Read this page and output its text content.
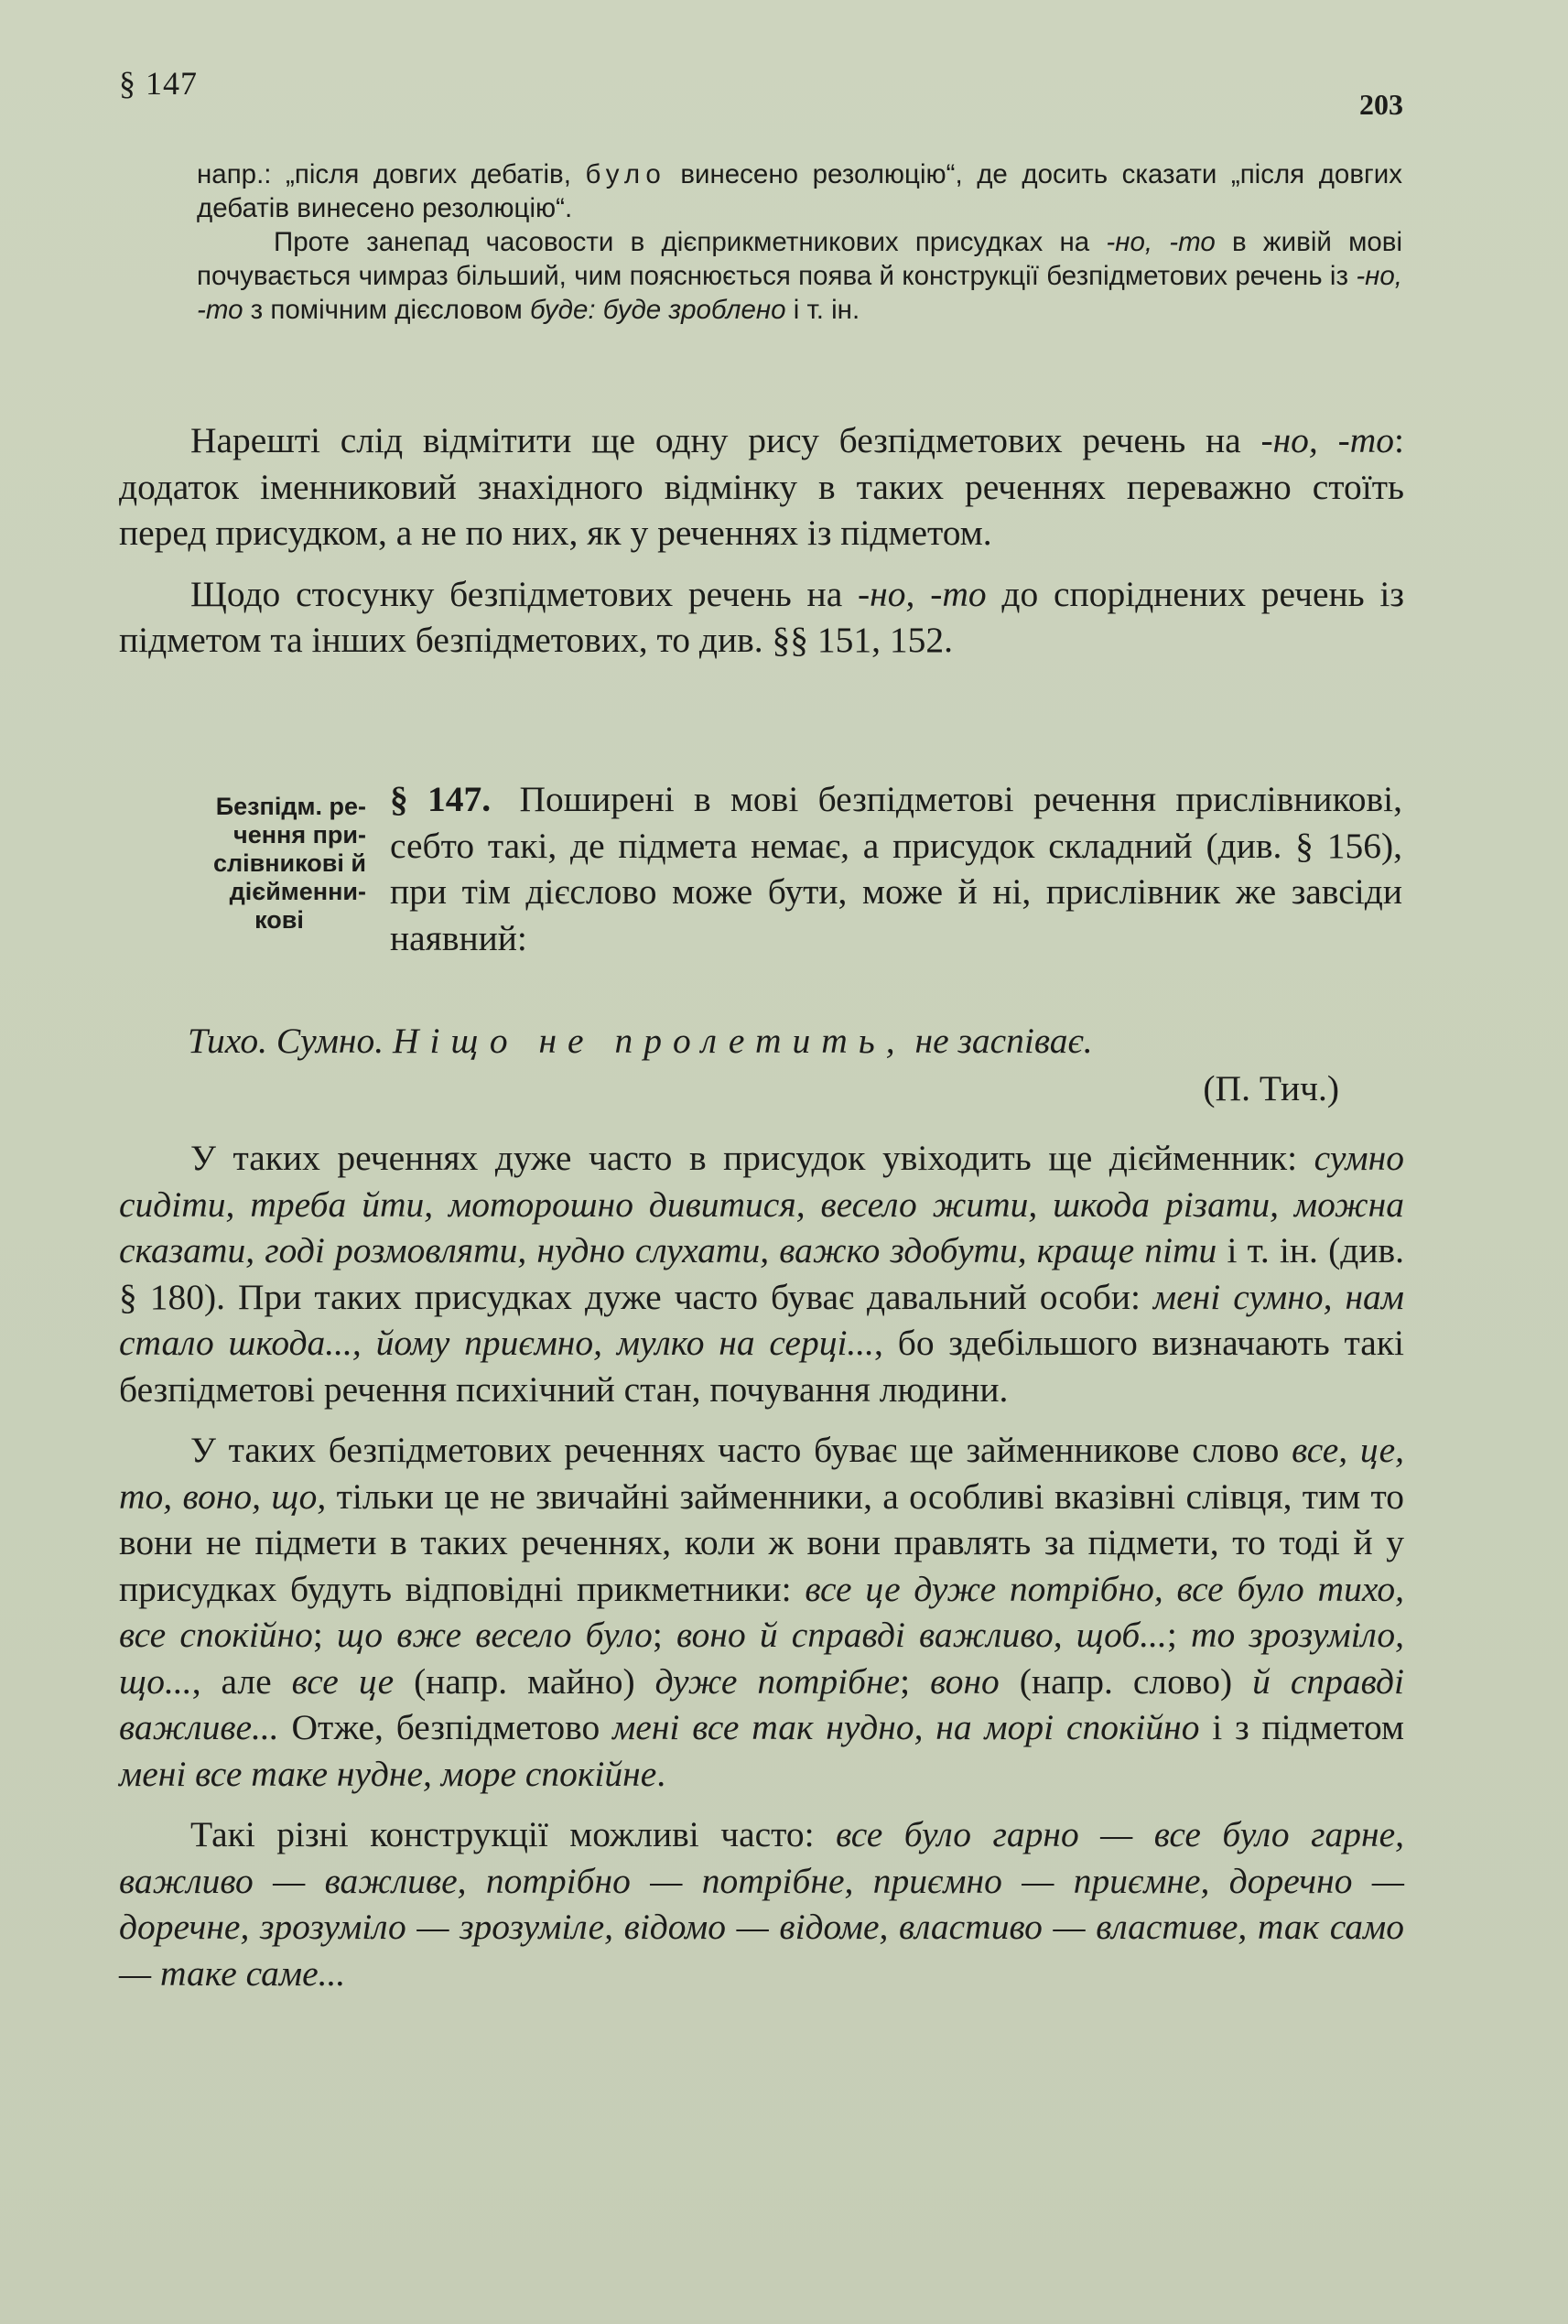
§ 147
203

напр.: „після довгих дебатів, було винесено резолюцію“, де досить сказати „після довгих дебатів винесено резолюцію“.

Проте занепад часовости в дієприкметникових присудках на -но, -то в живій мові почувається чимраз більший, чим пояснюється поява й конструкції безпідметових речень із -но, -то з помічним дієсловом буде: буде зроблено і т. ін.

Нарешті слід відмітити ще одну рису безпідметових речень на -но, -то: додаток іменниковий знахідного відмінку в таких реченнях переважно стоїть перед присудком, а не по них, як у реченнях із підметом.

Щодо стосунку безпідметових речень на -но, -то до споріднених речень із підметом та інших безпідметових, то див. §§ 151, 152.

Безпідм. ре-
чення при-
слівникові й
дієйменни-
кові
§ 147. Поширені в мові безпідметові речення прислівникові, себто такі, де підмета немає, а присудок складний (див. § 156), при тім дієслово може бути, може й ні, прислівник же завсіди наявний:
Тихо. Сумно. Ніщо не пролетить, не заспіває.
(П. Тич.)

У таких реченнях дуже часто в присудок увіходить ще дієйменник: сумно сидіти, треба йти, моторошно дивитися, весело жити, шкода різати, можна сказати, годі розмовляти, нудно слухати, важко здобути, краще піти і т. ін. (див. § 180). При таких присудках дуже часто буває давальний особи: мені сумно, нам стало шкода..., йому приємно, мулко на серці..., бо здебільшого визначають такі безпідметові речення психічний стан, почування людини.

У таких безпідметових реченнях часто буває ще займенникове слово все, це, то, воно, що, тільки це не звичайні займенники, а особливі вказівні слівця, тим то вони не підмети в таких реченнях, коли ж вони правлять за підмети, то тоді й у присудках будуть відповідні прикметники: все це дуже потрібно, все було тихо, все спокійно; що вже весело було; воно й справді важливо, щоб...; то зрозуміло, що..., але все це (напр. майно) дуже потрібне; воно (напр. слово) й справді важливе... Отже, безпідметово мені все так нудно, на морі спокійно і з підметом мені все таке нудне, море спокійне.

Такі різні конструкції можливі часто: все було гарно — все було гарне, важливо — важливе, потрібно — потрібне, приємно — приємне, доречно — доречне, зрозуміло — зрозуміле, відомо — відоме, властиво — властиве, так само — таке саме...
